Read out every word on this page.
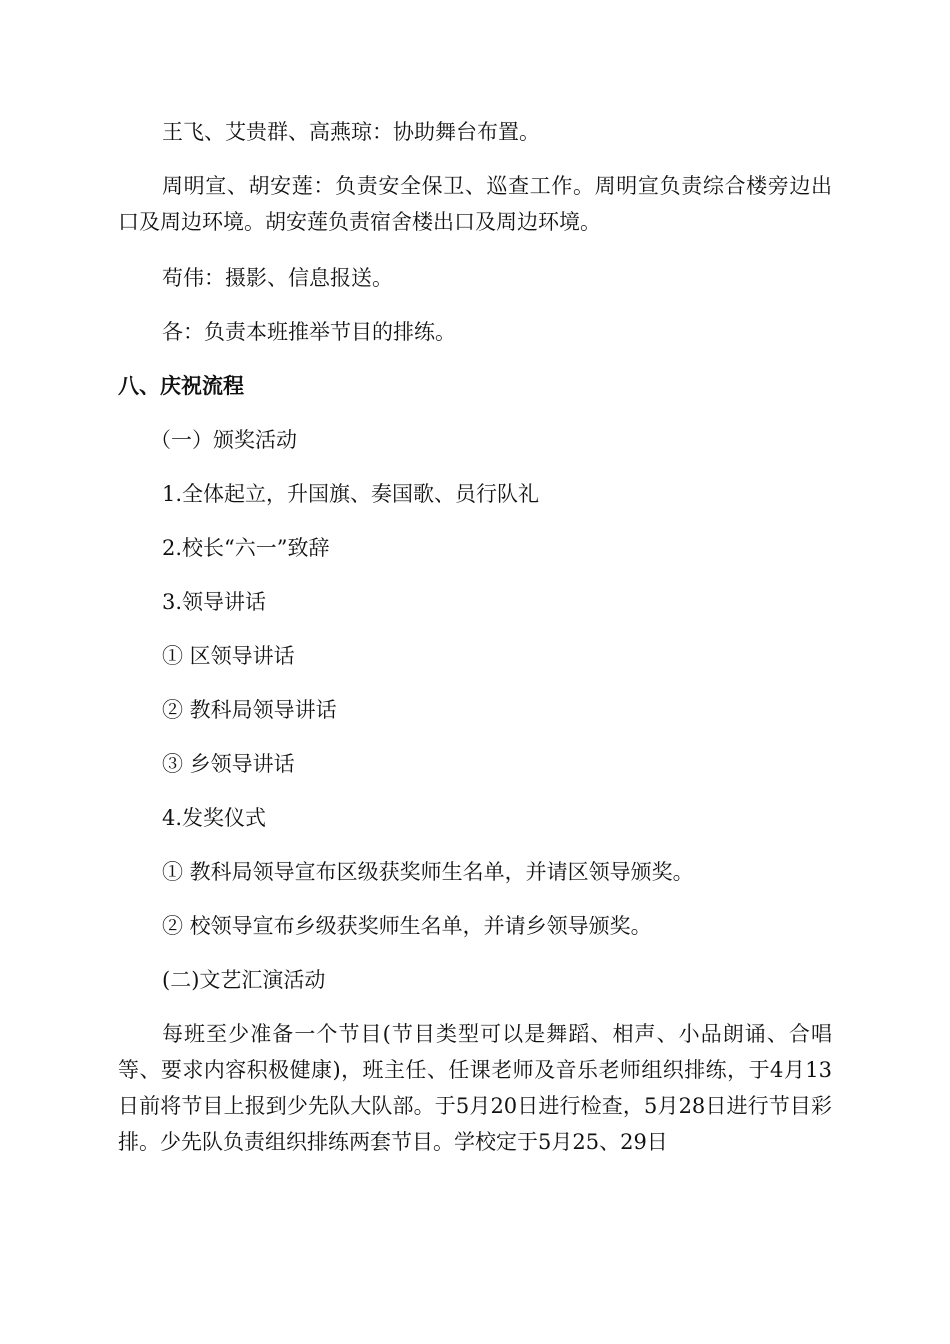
王飞、艾贵群、高燕琼：协助舞台布置。

周明宣、胡安莲：负责安全保卫、巡查工作。周明宣负责综合楼旁边出口及周边环境。胡安莲负责宿舍楼出口及周边环境。

苟伟：摄影、信息报送。

各：负责本班推举节目的排练。

八、庆祝流程

（一）颁奖活动

1.全体起立，升国旗、奏国歌、员行队礼

2.校长“六一”致辞

3.领导讲话

① 区领导讲话

② 教科局领导讲话

③ 乡领导讲话

4.发奖仪式

① 教科局领导宣布区级获奖师生名单，并请区领导颁奖。

② 校领导宣布乡级获奖师生名单，并请乡领导颁奖。

(二)文艺汇演活动

每班至少准备一个节目(节目类型可以是舞蹈、相声、小品朗诵、合唱等、要求内容积极健康)，班主任、任课老师及音乐老师组织排练，于4月13日前将节目上报到少先队大队部。于5月20日进行检查，5月28日进行节目彩排。少先队负责组织排练两套节目。学校定于5月25、29日
